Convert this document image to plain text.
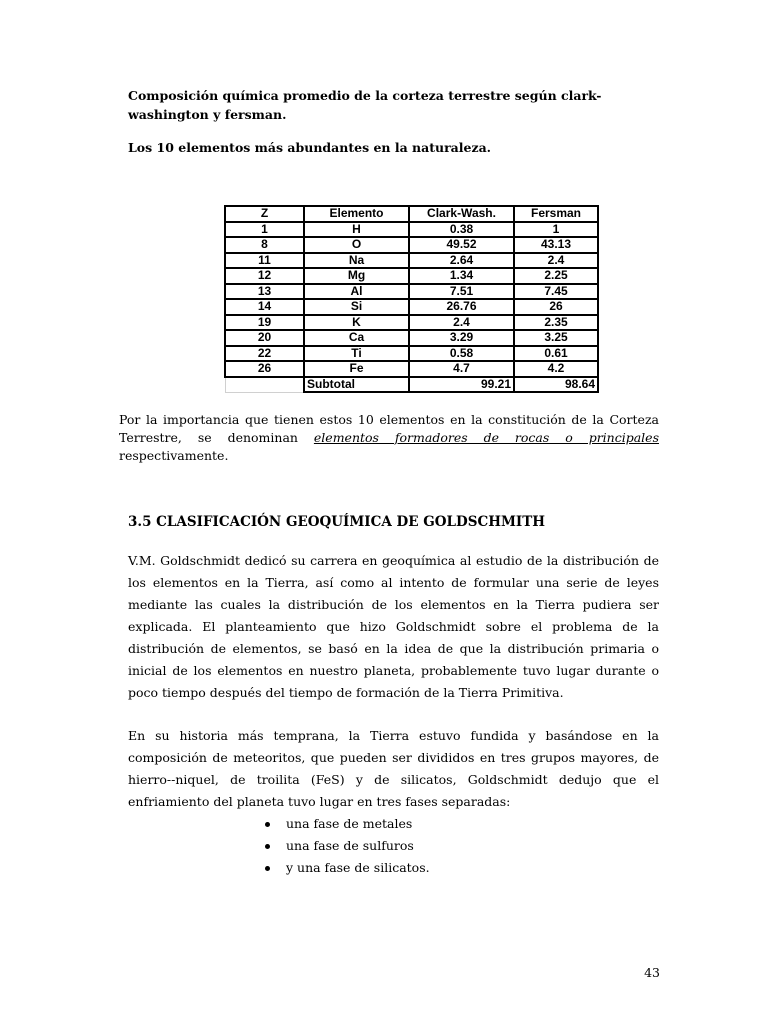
Composición química promedio de la corteza terrestre según clark-washington y fersman.
Los 10 elementos más abundantes en la naturaleza.
Z	Elemento	Clark-Wash.	Fersman
1	H	0.38	1
8	O	49.52	43.13
11	Na	2.64	2.4
12	Mg	1.34	2.25
13	Al	7.51	7.45
14	Si	26.76	26
19	K	2.4	2.35
20	Ca	3.29	3.25
22	Ti	0.58	0.61
26	Fe	4.7	4.2
	Subtotal	99.21	98.64
Por la importancia que tienen estos 10 elementos en la constitución de la Corteza Terrestre, se denominan elementos formadores de rocas o principales respectivamente.
3.5 CLASIFICACIÓN GEOQUÍMICA DE GOLDSCHMITH
V.M. Goldschmidt dedicó su carrera en geoquímica al estudio de la distribución de los elementos en la Tierra, así como al intento de formular una serie de leyes mediante las cuales la distribución de los elementos en la Tierra pudiera ser explicada. El planteamiento que hizo Goldschmidt sobre el problema de la distribución de elementos, se basó en la idea de que la distribución primaria o inicial de los elementos en nuestro planeta, probablemente tuvo lugar durante o poco tiempo después del tiempo de formación de la Tierra Primitiva.
En su historia más temprana, la Tierra estuvo fundida y basándose en la composición de meteoritos, que pueden ser divididos en tres grupos mayores, de hierro--niquel, de troilita (FeS) y de silicatos, Goldschmidt dedujo que el enfriamiento del planeta tuvo lugar en tres fases separadas:
una fase de metales
una fase de sulfuros
y una fase de silicatos.
43
